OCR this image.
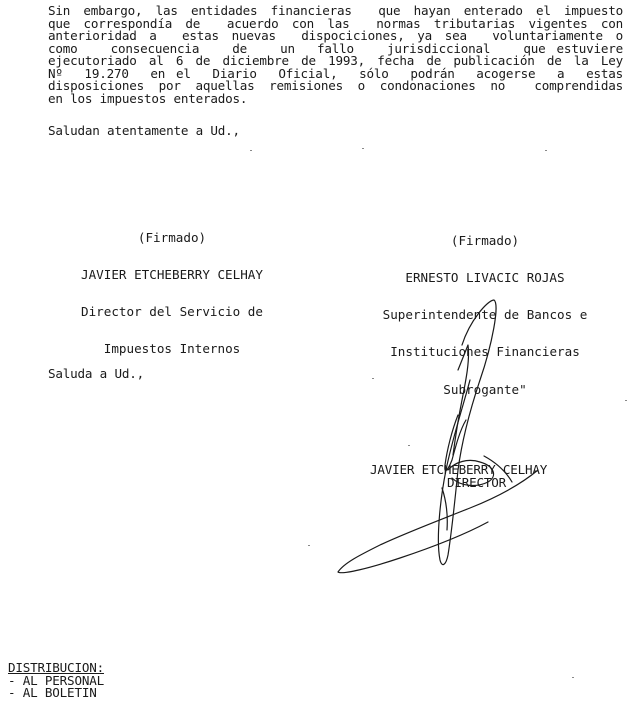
Sin embargo, las entidades financieras  que hayan enterado el impuesto
que correspondía de  acuerdo con las  normas tributarias vigentes con
anterioridad a  estas nuevas  dispociciones, ya sea  voluntariamente o
como   consecuencia   de   un  fallo   jurisdiccional   que estuviere
ejecutoriado al 6 de diciembre de 1993, fecha de publicación de la Ley
Nº  19.270  en el  Diario  Oficial,  sólo  podrán  acogerse  a  estas
disposiciones por aquellas remisiones o condonaciones no  comprendidas
en los impuestos enterados.
Saludan atentamente a Ud.,

(Firmado)

JAVIER ETCHEBERRY CELHAY

Director del Servicio de

Impuestos Internos

(Firmado)

ERNESTO LIVACIC ROJAS

Superintendente de Bancos e

Instituciones Financieras

Subrogante"

Saluda a Ud.,
JAVIER ETCHEBERRY CELHAY
DIRECTOR
DISTRIBUCION:
- AL PERSONAL
- AL BOLETIN
